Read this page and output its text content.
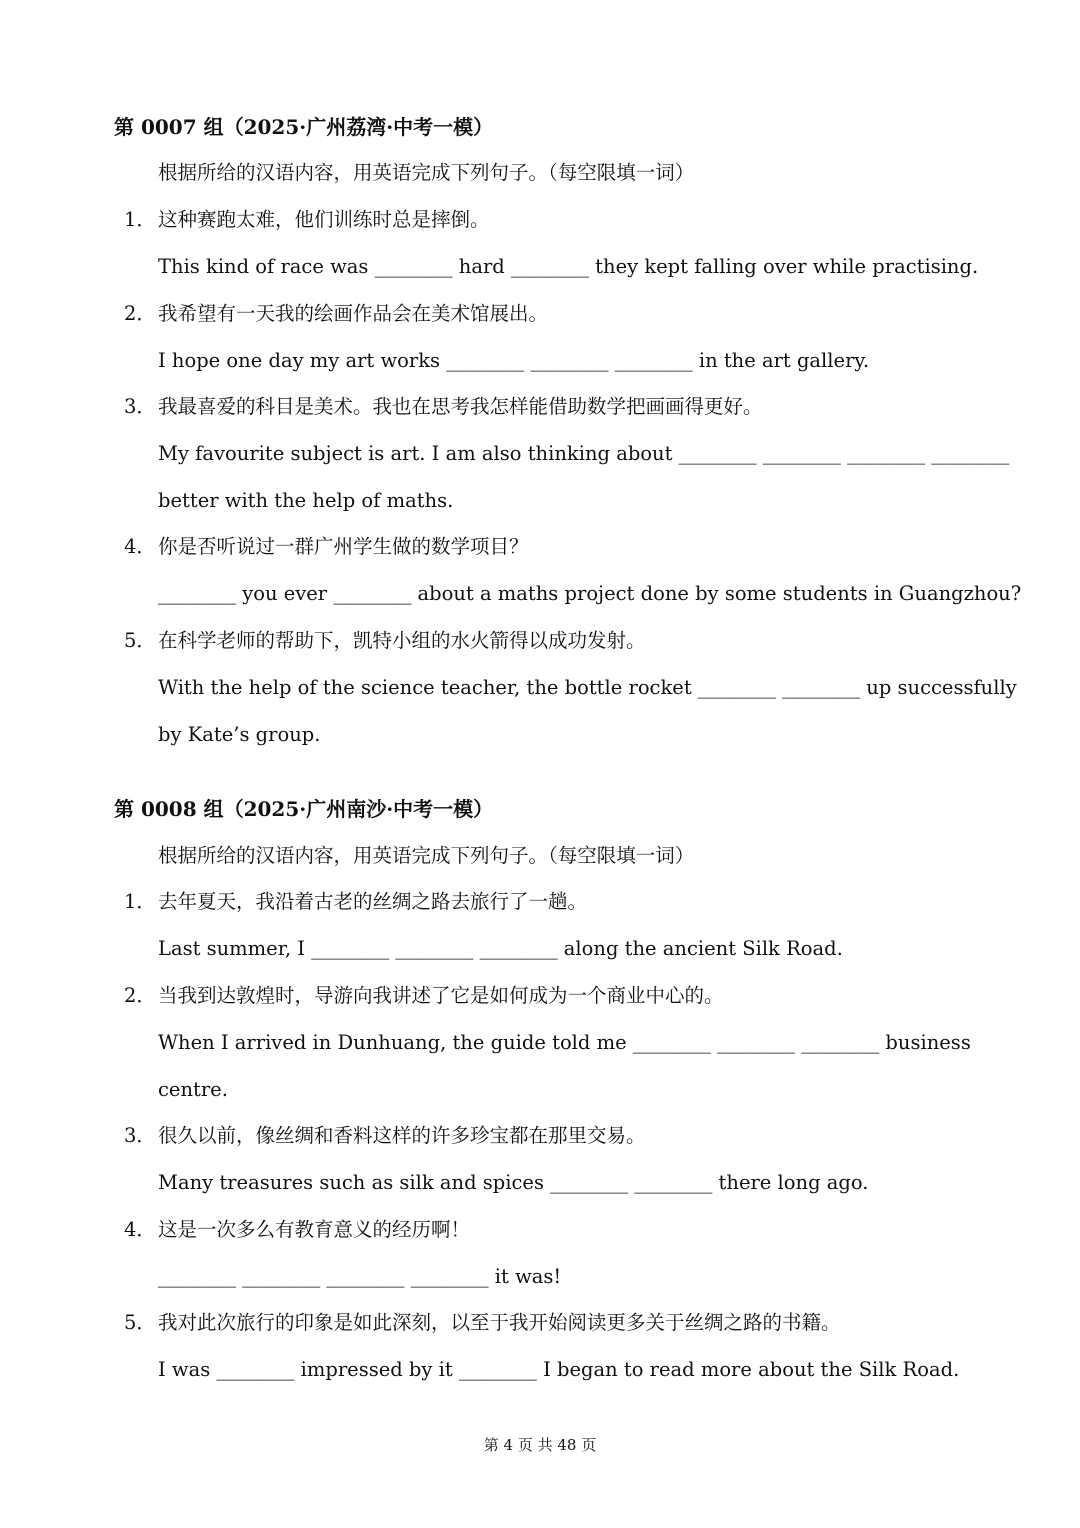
第 0007 组（2025·广州荔湾·中考一模）
根据所给的汉语内容，用英语完成下列句子。（每空限填一词）
1． 这种赛跑太难，他们训练时总是摔倒。
This kind of race was ________ hard ________ they kept falling over while practising.
2． 我希望有一天我的绘画作品会在美术馆展出。
I hope one day my art works ________ ________ ________ in the art gallery.
3． 我最喜爱的科目是美术。我也在思考我怎样能借助数学把画画得更好。
My favourite subject is art. I am also thinking about ________ ________ ________ ________
better with the help of maths.
4． 你是否听说过一群广州学生做的数学项目？
________ you ever ________ about a maths project done by some students in Guangzhou?
5． 在科学老师的帮助下，凯特小组的水火箭得以成功发射。
With the help of the science teacher, the bottle rocket ________ ________ up successfully
by Kate’s group.
第 0008 组（2025·广州南沙·中考一模）
根据所给的汉语内容，用英语完成下列句子。（每空限填一词）
1． 去年夏天，我沿着古老的丝绸之路去旅行了一趟。
Last summer, I ________ ________ ________ along the ancient Silk Road.
2． 当我到达敦煌时，导游向我讲述了它是如何成为一个商业中心的。
When I arrived in Dunhuang, the guide told me ________ ________ ________ business
centre.
3． 很久以前，像丝绸和香料这样的许多珍宝都在那里交易。
Many treasures such as silk and spices ________ ________ there long ago.
4． 这是一次多么有教育意义的经历啊！
________ ________ ________ ________ it was!
5． 我对此次旅行的印象是如此深刻，以至于我开始阅读更多关于丝绸之路的书籍。
I was ________ impressed by it ________ I began to read more about the Silk Road.
第 4 页 共 48 页
